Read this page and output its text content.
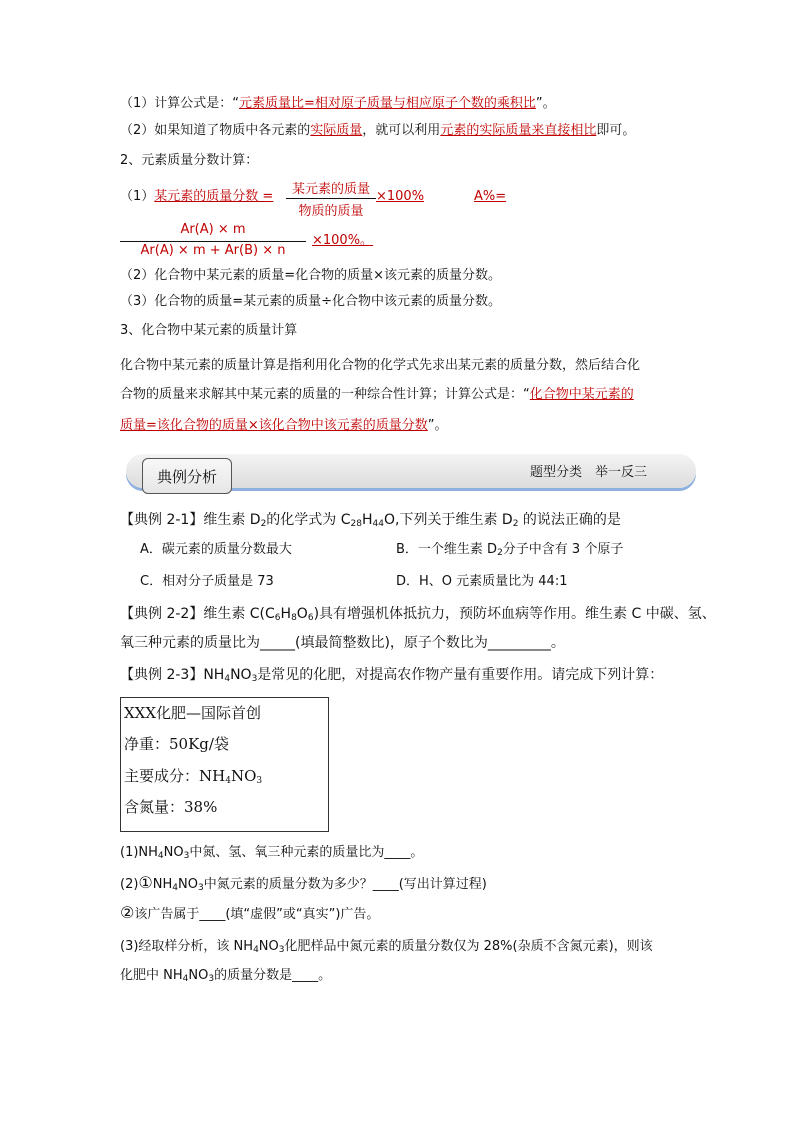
（1）计算公式是：“元素质量比=相对原子质量与相应原子个数的乘积比”。
（2）如果知道了物质中各元素的实际质量，就可以利用元素的实际质量来直接相比即可。
2、元素质量分数计算：
（1）某元素的质量分数 =	某元素的质量
物质的质量
×100%	A%=
Ar(A) × m
Ar(A) × m + Ar(B) × n
×100%。
（2）化合物中某元素的质量=化合物的质量×该元素的质量分数。
（3）化合物的质量=某元素的质量÷化合物中该元素的质量分数。
3、化合物中某元素的质量计算
化合物中某元素的质量计算是指利用化合物的化学式先求出某元素的质量分数，然后结合化
合物的质量来求解其中某元素的质量的一种综合性计算；计算公式是：“化合物中某元素的
质量=该化合物的质量×该化合物中该元素的质量分数”。
典例分析	题型分类　举一反三
【典例 2-1】维生素 $D_2$的化学式为 $C_{28}H_{44}O$,下列关于维生素 $D_2$ 的说法正确的是
A．碳元素的质量分数最大	B．一个维生素 $D_2$分子中含有 3 个原子
C．相对分子质量是 73	D．H、O 元素质量比为 44:1
【典例 2-2】维生素 $C(C_6H_8O_6)$具有增强机体抵抗力，预防坏血病等作用。维生素 C 中碳、氢、
氧三种元素的质量比为_____(填最简整数比)，原子个数比为_________。
【典例 2-3】$NH_4NO_3$是常见的化肥，对提高农作物产量有重要作用。请完成下列计算：
XXX化肥—国际首创
净重：50Kg/袋
主要成分：$NH_4NO_3$
含氮量：38%
$(1)NH_4NO_3$中氮、氢、氧三种元素的质量比为____。
$(2)①NH_4NO_3$中氮元素的质量分数为多少？____(写出计算过程)
②该广告属于____(填“虚假”或“真实”)广告。
(3)经取样分析，该 $NH_4NO_3$化肥样品中氮元素的质量分数仅为 28%(杂质不含氮元素)，则该
化肥中 $NH_4NO_3$的质量分数是____。
